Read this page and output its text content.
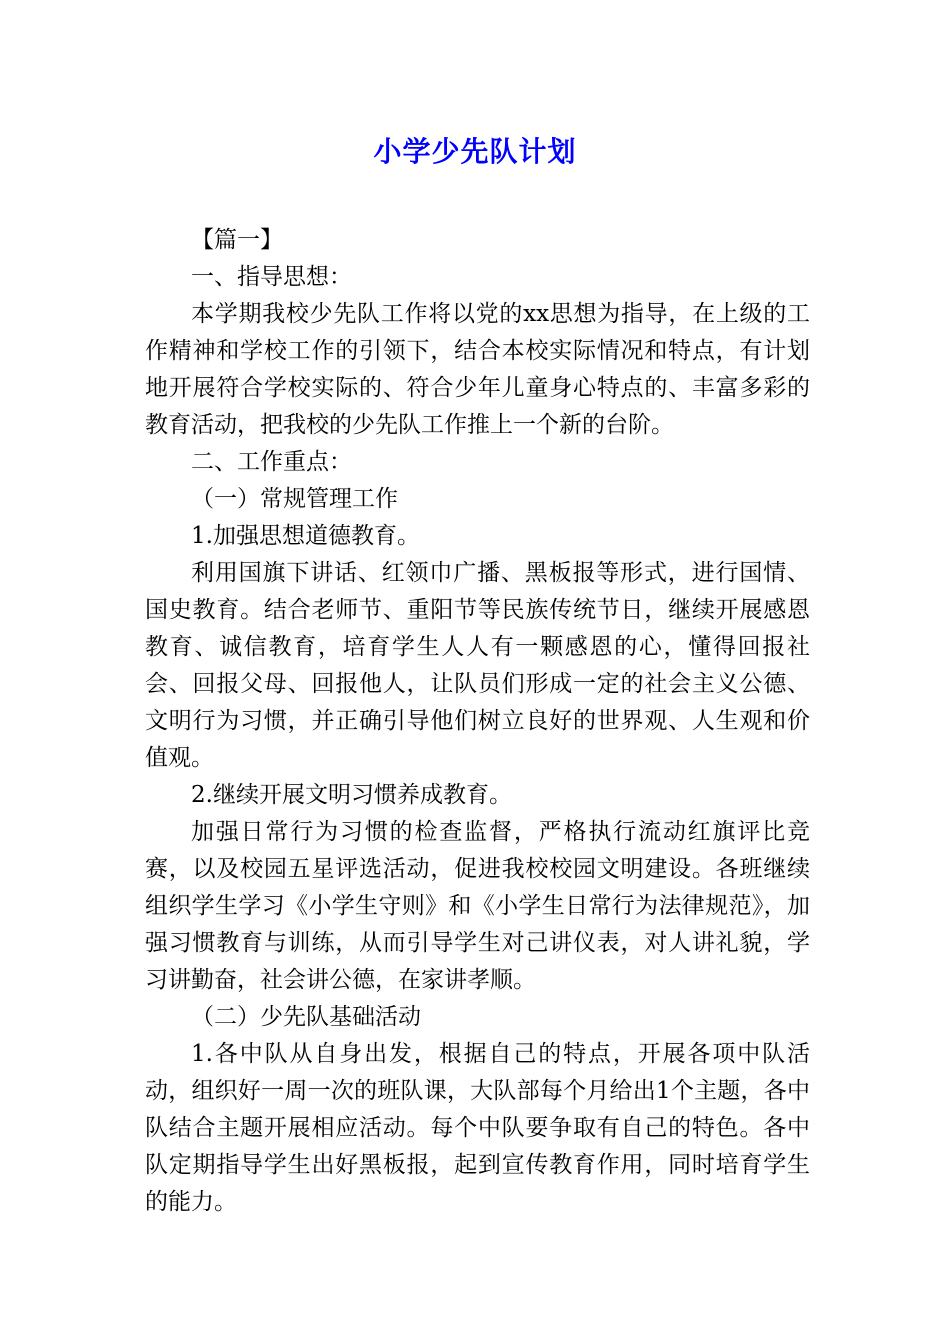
小学少先队计划

【篇一】

一、指导思想：

本学期我校少先队工作将以党的xx思想为指导，在上级的工作精神和学校工作的引领下，结合本校实际情况和特点，有计划地开展符合学校实际的、符合少年儿童身心特点的、丰富多彩的教育活动，把我校的少先队工作推上一个新的台阶。

二、工作重点：

（一）常规管理工作

1.加强思想道德教育。

利用国旗下讲话、红领巾广播、黑板报等形式，进行国情、国史教育。结合老师节、重阳节等民族传统节日，继续开展感恩教育、诚信教育，培育学生人人有一颗感恩的心，懂得回报社会、回报父母、回报他人，让队员们形成一定的社会主义公德、文明行为习惯，并正确引导他们树立良好的世界观、人生观和价值观。

2.继续开展文明习惯养成教育。

加强日常行为习惯的检查监督，严格执行流动红旗评比竞赛，以及校园五星评选活动，促进我校校园文明建设。各班继续组织学生学习《小学生守则》和《小学生日常行为法律规范》，加强习惯教育与训练，从而引导学生对己讲仪表，对人讲礼貌，学习讲勤奋，社会讲公德，在家讲孝顺。

（二）少先队基础活动

1.各中队从自身出发，根据自己的特点，开展各项中队活动，组织好一周一次的班队课，大队部每个月给出1个主题，各中队结合主题开展相应活动。每个中队要争取有自己的特色。各中队定期指导学生出好黑板报，起到宣传教育作用，同时培育学生的能力。
